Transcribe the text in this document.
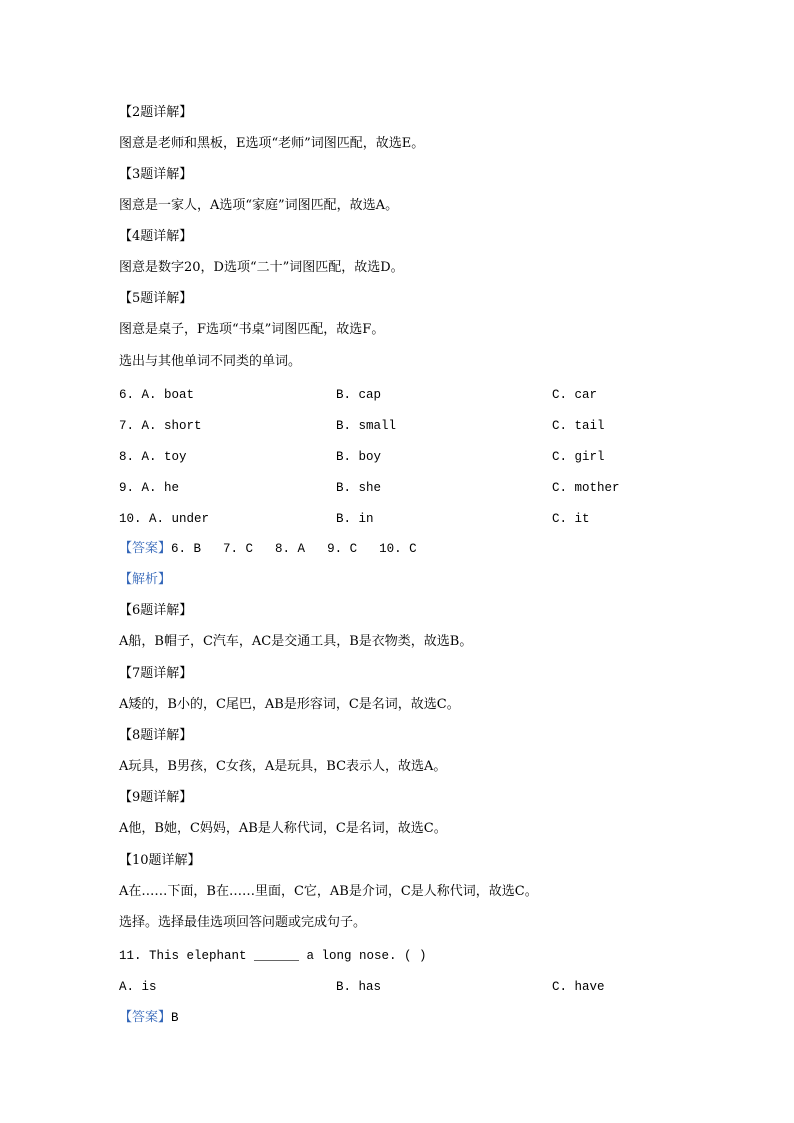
【2题详解】
图意是老师和黑板，E选项“老师”词图匹配，故选E。
【3题详解】
图意是一家人，A选项“家庭”词图匹配，故选A。
【4题详解】
图意是数字20，D选项“二十”词图匹配，故选D。
【5题详解】
图意是桌子，F选项“书桌”词图匹配，故选F。
选出与其他单词不同类的单词。
6. A. boat	B. cap	C. car
7. A. short	B. small	C. tail
8. A. toy	B. boy	C. girl
9. A. he	B. she	C. mother
10. A. under	B. in	C. it
【答案】6. B 7. C 8. A 9. C 10. C
【解析】
【6题详解】
A船，B帽子，C汽车，AC是交通工具，B是衣物类，故选B。
【7题详解】
A矮的，B小的，C尾巴，AB是形容词，C是名词，故选C。
【8题详解】
A玩具，B男孩，C女孩，A是玩具，BC表示人，故选A。
【9题详解】
A他，B她，C妈妈，AB是人称代词，C是名词，故选C。
【10题详解】
A在……下面，B在……里面，C它，AB是介词，C是人称代词，故选C。
选择。选择最佳选项回答问题或完成句子。
11. This elephant ______ a long nose. ( )
A. is	B. has	C. have
【答案】B
